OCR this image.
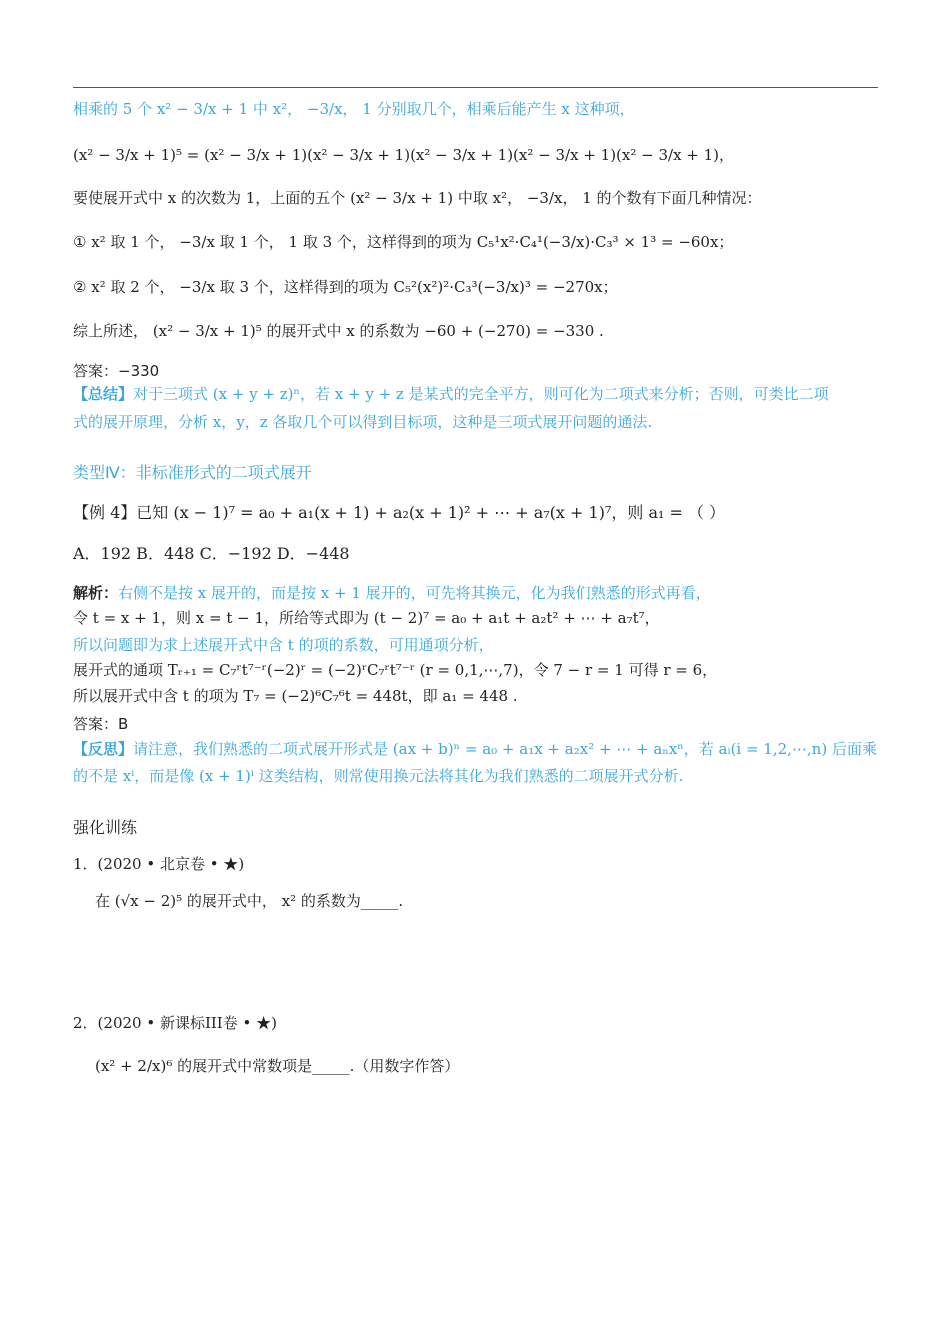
相乘的 5 个 x² − 3/x + 1 中 x²， −3/x， 1 分别取几个，相乘后能产生 x 这种项，
(x² − 3/x + 1)⁵ = (x² − 3/x + 1)(x² − 3/x + 1)(x² − 3/x + 1)(x² − 3/x + 1)(x² − 3/x + 1)，
要使展开式中 x 的次数为 1，上面的五个 (x² − 3/x + 1) 中取 x²， −3/x， 1 的个数有下面几种情况：
① x² 取 1 个， −3/x 取 1 个， 1 取 3 个，这样得到的项为 C₅¹x²·C₄¹(−3/x)·C₃³ × 1³ = −60x；
② x² 取 2 个， −3/x 取 3 个，这样得到的项为 C₅²(x²)²·C₃³(−3/x)³ = −270x；
综上所述， (x² − 3/x + 1)⁵ 的展开式中 x 的系数为 −60 + (−270) = −330 .
答案：−330
【总结】对于三项式 (x + y + z)ⁿ，若 x + y + z 是某式的完全平方，则可化为二项式来分析；否则，可类比二项
式的展开原理，分析 x，y，z 各取几个可以得到目标项，这种是三项式展开问题的通法.
类型Ⅳ：非标准形式的二项式展开
【例 4】已知 (x − 1)⁷ = a₀ + a₁(x + 1) + a₂(x + 1)² + ⋯ + a₇(x + 1)⁷，则 a₁ = （ ）
A．192 B．448 C．−192 D．−448
解析：右侧不是按 x 展开的，而是按 x + 1 展开的，可先将其换元，化为我们熟悉的形式再看，
令 t = x + 1，则 x = t − 1，所给等式即为 (t − 2)⁷ = a₀ + a₁t + a₂t² + ⋯ + a₇t⁷，
所以问题即为求上述展开式中含 t 的项的系数，可用通项分析，
展开式的通项 Tᵣ₊₁ = C₇ʳt⁷⁻ʳ(−2)ʳ = (−2)ʳC₇ʳt⁷⁻ʳ (r = 0,1,⋯,7)，令 7 − r = 1 可得 r = 6，
所以展开式中含 t 的项为 T₇ = (−2)⁶C₇⁶t = 448t，即 a₁ = 448 .
答案：B
【反思】请注意，我们熟悉的二项式展开形式是 (ax + b)ⁿ = a₀ + a₁x + a₂x² + ⋯ + aₙxⁿ，若 aᵢ(i = 1,2,⋯,n) 后面乘
的不是 xⁱ，而是像 (x + 1)ⁱ 这类结构，则常使用换元法将其化为我们熟悉的二项展开式分析.
强化训练
1．(2020 • 北京卷 • ★)
在 (√x − 2)⁵ 的展开式中， x² 的系数为_____.
2．(2020 • 新课标III卷 • ★)
(x² + 2/x)⁶ 的展开式中常数项是_____.（用数字作答）
